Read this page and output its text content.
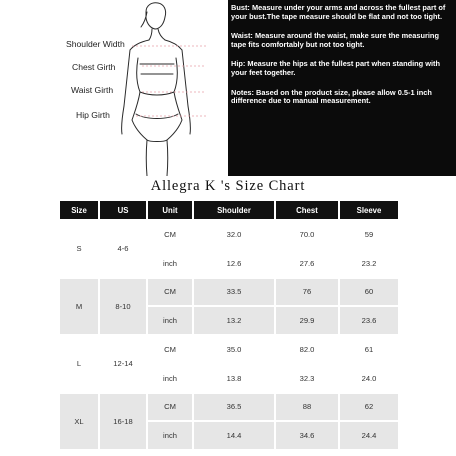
Shoulder Width
Chest Girth
Waist Girth
Hip Girth

Bust: Measure under your arms and across the fullest part of your bust.The tape measure should be flat and not too tight.

Waist: Measure around the waist, make sure the measuring tape fits comfortably but not too tight.

Hip: Measure the hips at the fullest part when standing with your feet together.

Notes: Based on the product size, please allow 0.5-1 inch difference due to manual measurement.

Allegra K 's Size Chart
Size	US	Unit	Shoulder	Chest	Sleeve
S	4-6	CM	32.0	70.0	59
		inch	12.6	27.6	23.2
M	8-10	CM	33.5	76	60
		inch	13.2	29.9	23.6
L	12-14	CM	35.0	82.0	61
		inch	13.8	32.3	24.0
XL	16-18	CM	36.5	88	62
		inch	14.4	34.6	24.4
